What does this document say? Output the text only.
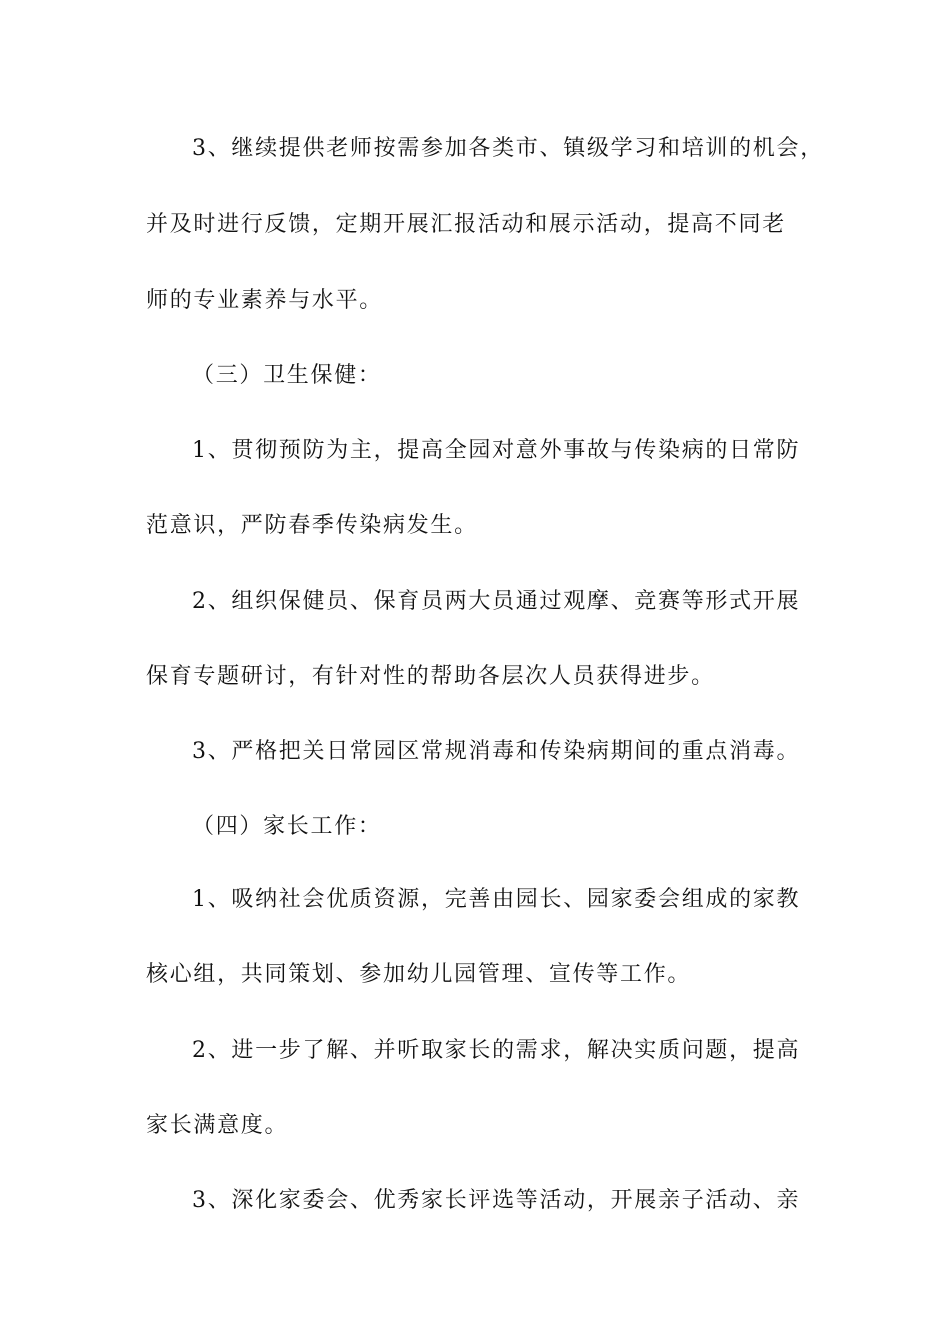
3、继续提供老师按需参加各类市、镇级学习和培训的机会，
并及时进行反馈，定期开展汇报活动和展示活动，提高不同老
师的专业素养与水平。
（三）卫生保健：
1、贯彻预防为主，提高全园对意外事故与传染病的日常防
范意识，严防春季传染病发生。
2、组织保健员、保育员两大员通过观摩、竞赛等形式开展
保育专题研讨，有针对性的帮助各层次人员获得进步。
3、严格把关日常园区常规消毒和传染病期间的重点消毒。
（四）家长工作：
1、吸纳社会优质资源，完善由园长、园家委会组成的家教
核心组，共同策划、参加幼儿园管理、宣传等工作。
2、进一步了解、并听取家长的需求，解决实质问题，提高
家长满意度。
3、深化家委会、优秀家长评选等活动，开展亲子活动、亲
